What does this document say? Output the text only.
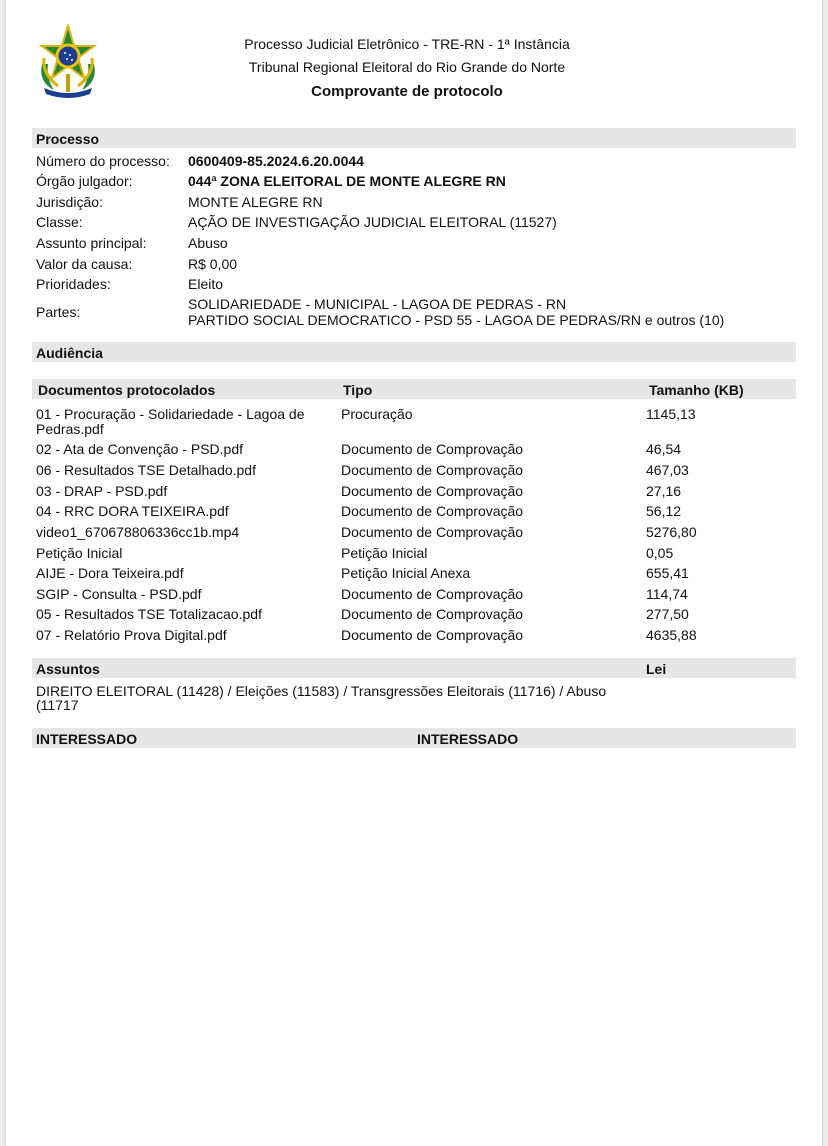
Processo Judicial Eletrônico - TRE-RN - 1ª Instância
Tribunal Regional Eleitoral do Rio Grande do Norte
Comprovante de protocolo
Processo
Número do processo: 0600409-85.2024.6.20.0044
Órgão julgador:	044ª ZONA ELEITORAL DE MONTE ALEGRE RN
Jurisdição:	MONTE ALEGRE RN
Classe:	AÇÃO DE INVESTIGAÇÃO JUDICIAL ELEITORAL (11527)
Assunto principal:	Abuso
Valor da causa:	R$ 0,00
Prioridades:	Eleito
Partes:	SOLIDARIEDADE - MUNICIPAL - LAGOA DE PEDRAS - RN
PARTIDO SOCIAL DEMOCRATICO - PSD 55 - LAGOA DE PEDRAS/RN e outros (10)
Audiência
Documentos protocolados	Tipo	Tamanho (KB)
01 - Procuração - Solidariedade - Lagoa de Pedras.pdf
Procuração	1145,13
02 - Ata de Convenção - PSD.pdf	Documento de Comprovação	46,54
06 - Resultados TSE Detalhado.pdf	Documento de Comprovação	467,03
03 - DRAP - PSD.pdf	Documento de Comprovação	27,16
04 - RRC DORA TEIXEIRA.pdf	Documento de Comprovação	56,12
video1_670678806336cc1b.mp4	Documento de Comprovação	5276,80
Petição Inicial	Petição Inicial	0,05
AIJE - Dora Teixeira.pdf	Petição Inicial Anexa	655,41
SGIP - Consulta - PSD.pdf	Documento de Comprovação	114,74
05 - Resultados TSE Totalizacao.pdf	Documento de Comprovação	277,50
07 - Relatório Prova Digital.pdf	Documento de Comprovação	4635,88
Assuntos	Lei
DIREITO ELEITORAL (11428) / Eleições (11583) / Transgressões Eleitorais (11716) / Abuso (11717
INTERESSADO	INTERESSADO
